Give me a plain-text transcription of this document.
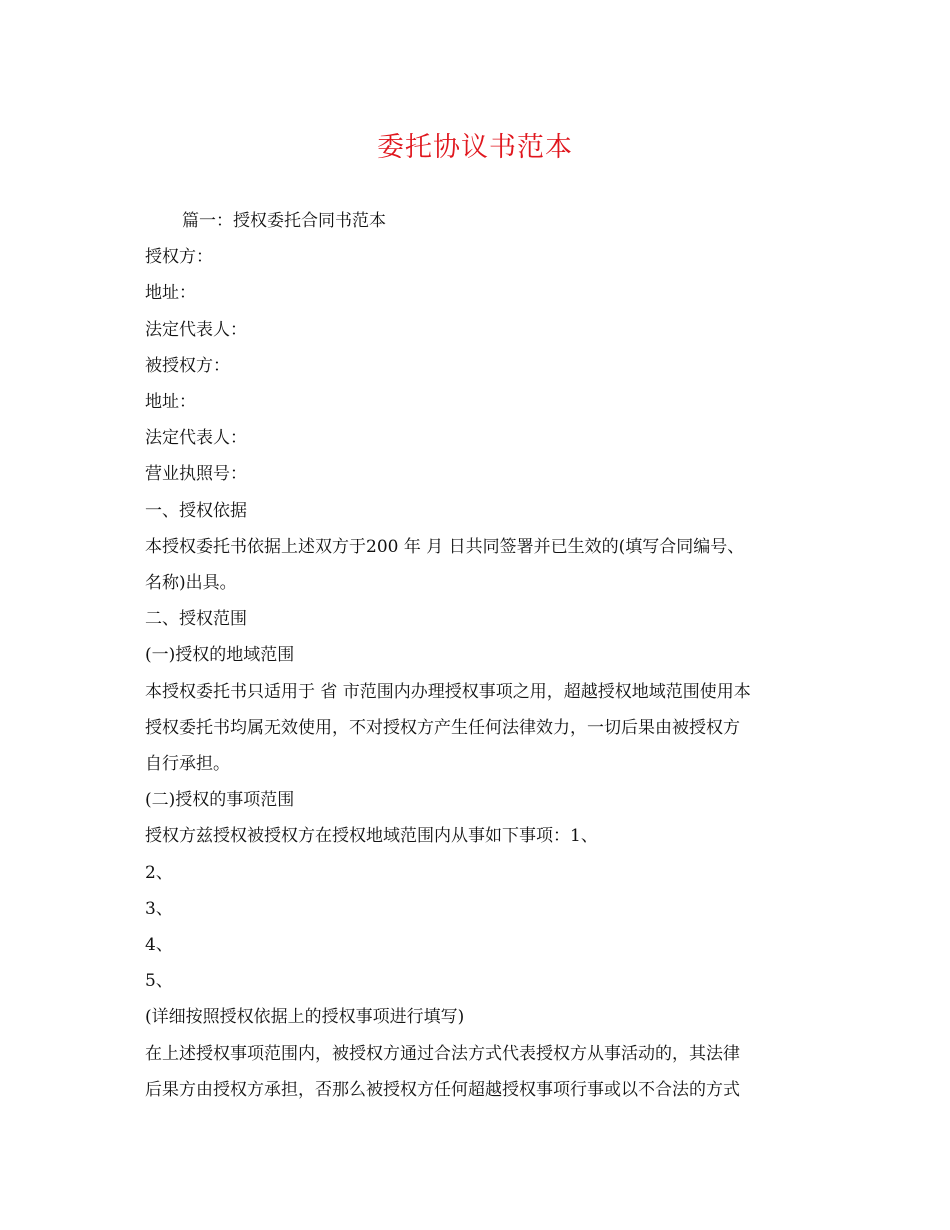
委托协议书范本

篇一：授权委托合同书范本

授权方：

地址：

法定代表人：

被授权方：

地址：

法定代表人：

营业执照号：

一、授权依据

本授权委托书依据上述双方于200 年 月 日共同签署并已生效的(填写合同编号、

名称)出具。

二、授权范围

(一)授权的地域范围

本授权委托书只适用于 省 市范围内办理授权事项之用，超越授权地域范围使用本

授权委托书均属无效使用，不对授权方产生任何法律效力，一切后果由被授权方

自行承担。

(二)授权的事项范围

授权方兹授权被授权方在授权地域范围内从事如下事项：1、

2、

3、

4、

5、

(详细按照授权依据上的授权事项进行填写)

在上述授权事项范围内，被授权方通过合法方式代表授权方从事活动的，其法律

后果方由授权方承担，否那么被授权方任何超越授权事项行事或以不合法的方式
